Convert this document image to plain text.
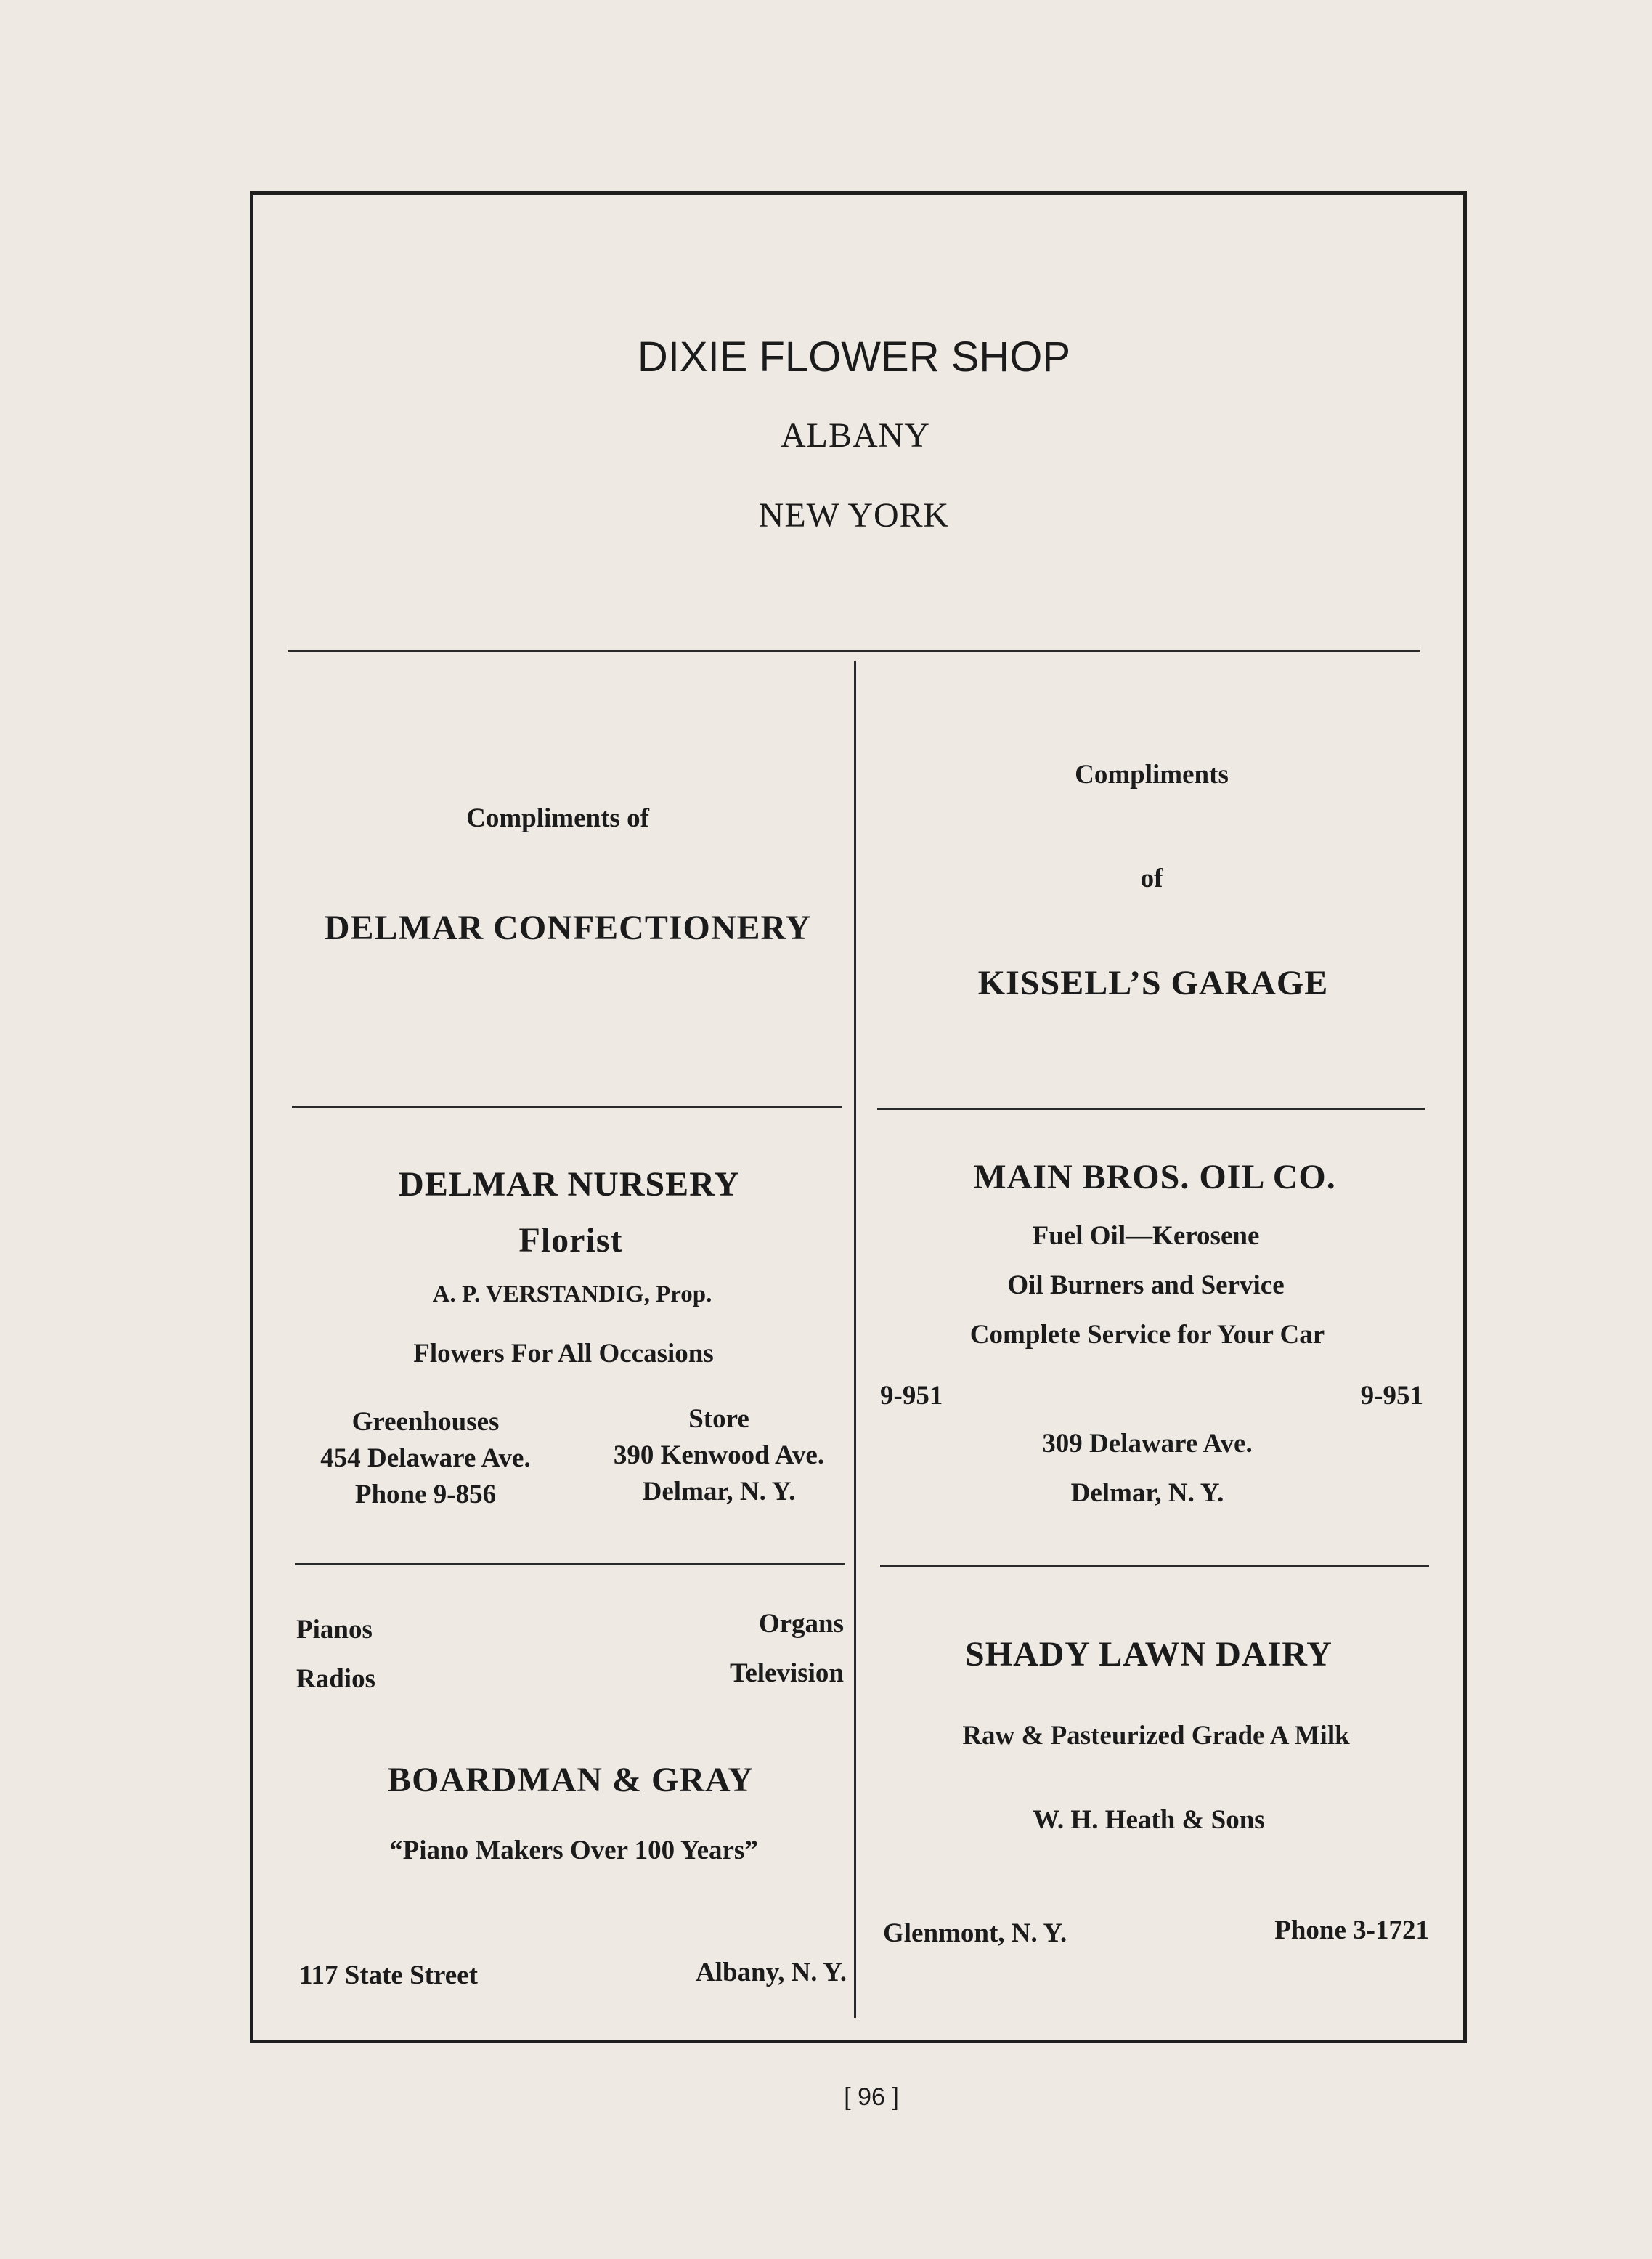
DIXIE FLOWER SHOP
ALBANY
NEW YORK
Compliments of
DELMAR CONFECTIONERY
Compliments
of
KISSELL’S GARAGE
DELMAR NURSERY
Florist
A. P. VERSTANDIG, Prop.
Flowers For All Occasions
Greenhouses
454 Delaware Ave.
Phone 9-856
Store
390 Kenwood Ave.
Delmar, N. Y.
MAIN BROS. OIL CO.
Fuel Oil—Kerosene
Oil Burners and Service
Complete Service for Your Car
9-951	9-951
309 Delaware Ave.
Delmar, N. Y.
Pianos
Radios
Organs
Television
BOARDMAN & GRAY
“Piano Makers Over 100 Years”
117 State Street	Albany, N. Y.
SHADY LAWN DAIRY
Raw & Pasteurized Grade A Milk
W. H. Heath & Sons
Glenmont, N. Y.	Phone 3-1721
[ 96 ]
